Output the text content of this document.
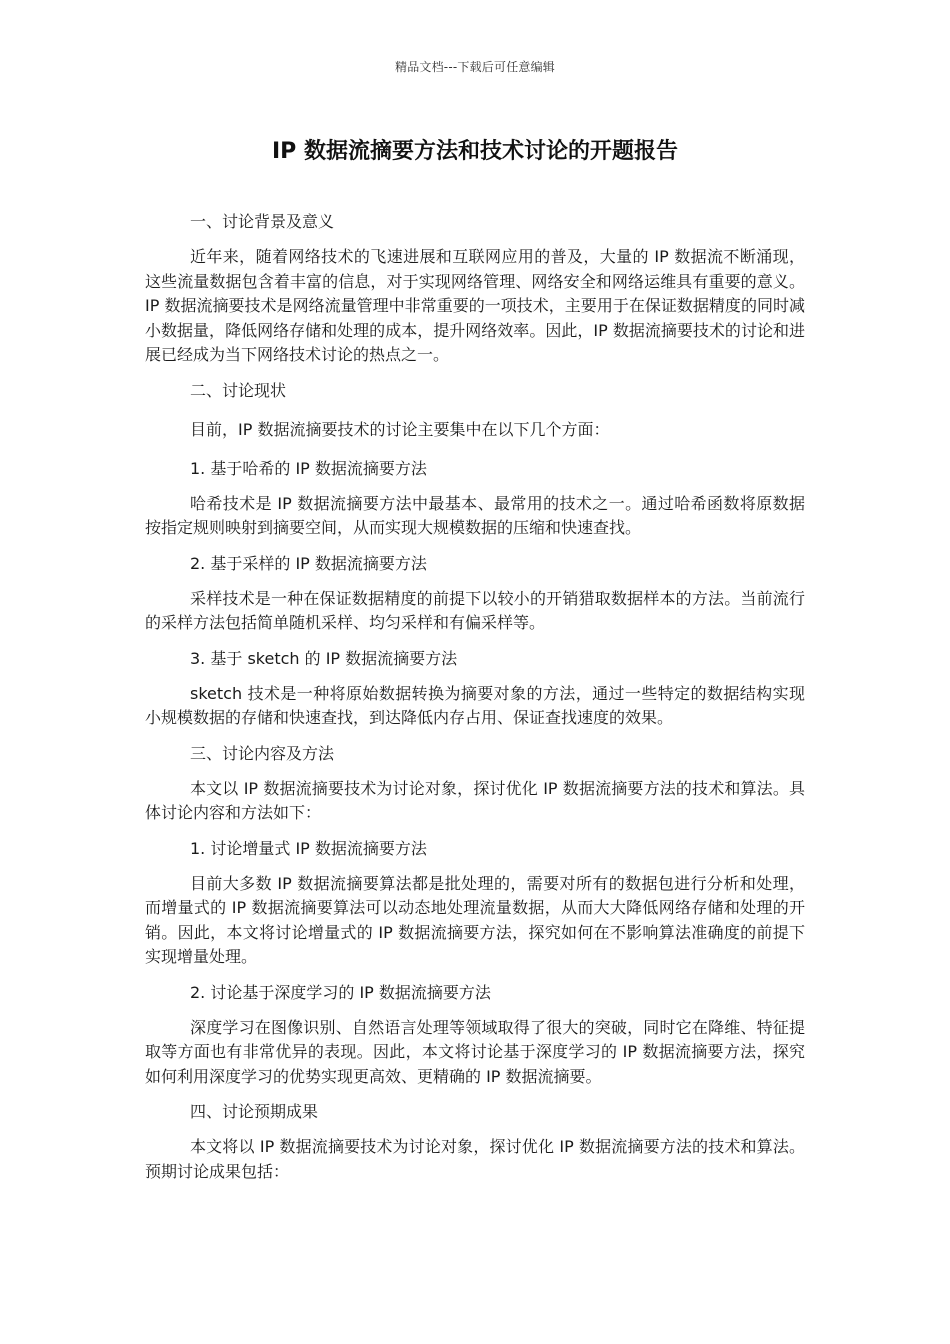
精品文档---下载后可任意编辑
IP 数据流摘要方法和技术讨论的开题报告
一、讨论背景及意义
近年来，随着网络技术的飞速进展和互联网应用的普及，大量的 IP 数据流不断涌现，这些流量数据包含着丰富的信息，对于实现网络管理、网络安全和网络运维具有重要的意义。IP 数据流摘要技术是网络流量管理中非常重要的一项技术，主要用于在保证数据精度的同时减小数据量，降低网络存储和处理的成本，提升网络效率。因此，IP 数据流摘要技术的讨论和进展已经成为当下网络技术讨论的热点之一。
二、讨论现状
目前，IP 数据流摘要技术的讨论主要集中在以下几个方面：
1. 基于哈希的 IP 数据流摘要方法
哈希技术是 IP 数据流摘要方法中最基本、最常用的技术之一。通过哈希函数将原数据按指定规则映射到摘要空间，从而实现大规模数据的压缩和快速查找。
2. 基于采样的 IP 数据流摘要方法
采样技术是一种在保证数据精度的前提下以较小的开销猎取数据样本的方法。当前流行的采样方法包括简单随机采样、均匀采样和有偏采样等。
3. 基于 sketch 的 IP 数据流摘要方法
sketch 技术是一种将原始数据转换为摘要对象的方法，通过一些特定的数据结构实现小规模数据的存储和快速查找，到达降低内存占用、保证查找速度的效果。
三、讨论内容及方法
本文以 IP 数据流摘要技术为讨论对象，探讨优化 IP 数据流摘要方法的技术和算法。具体讨论内容和方法如下：
1. 讨论增量式 IP 数据流摘要方法
目前大多数 IP 数据流摘要算法都是批处理的，需要对所有的数据包进行分析和处理，而增量式的 IP 数据流摘要算法可以动态地处理流量数据，从而大大降低网络存储和处理的开销。因此，本文将讨论增量式的 IP 数据流摘要方法，探究如何在不影响算法准确度的前提下实现增量处理。
2. 讨论基于深度学习的 IP 数据流摘要方法
深度学习在图像识别、自然语言处理等领域取得了很大的突破，同时它在降维、特征提取等方面也有非常优异的表现。因此，本文将讨论基于深度学习的 IP 数据流摘要方法，探究如何利用深度学习的优势实现更高效、更精确的 IP 数据流摘要。
四、讨论预期成果
本文将以 IP 数据流摘要技术为讨论对象，探讨优化 IP 数据流摘要方法的技术和算法。预期讨论成果包括：
